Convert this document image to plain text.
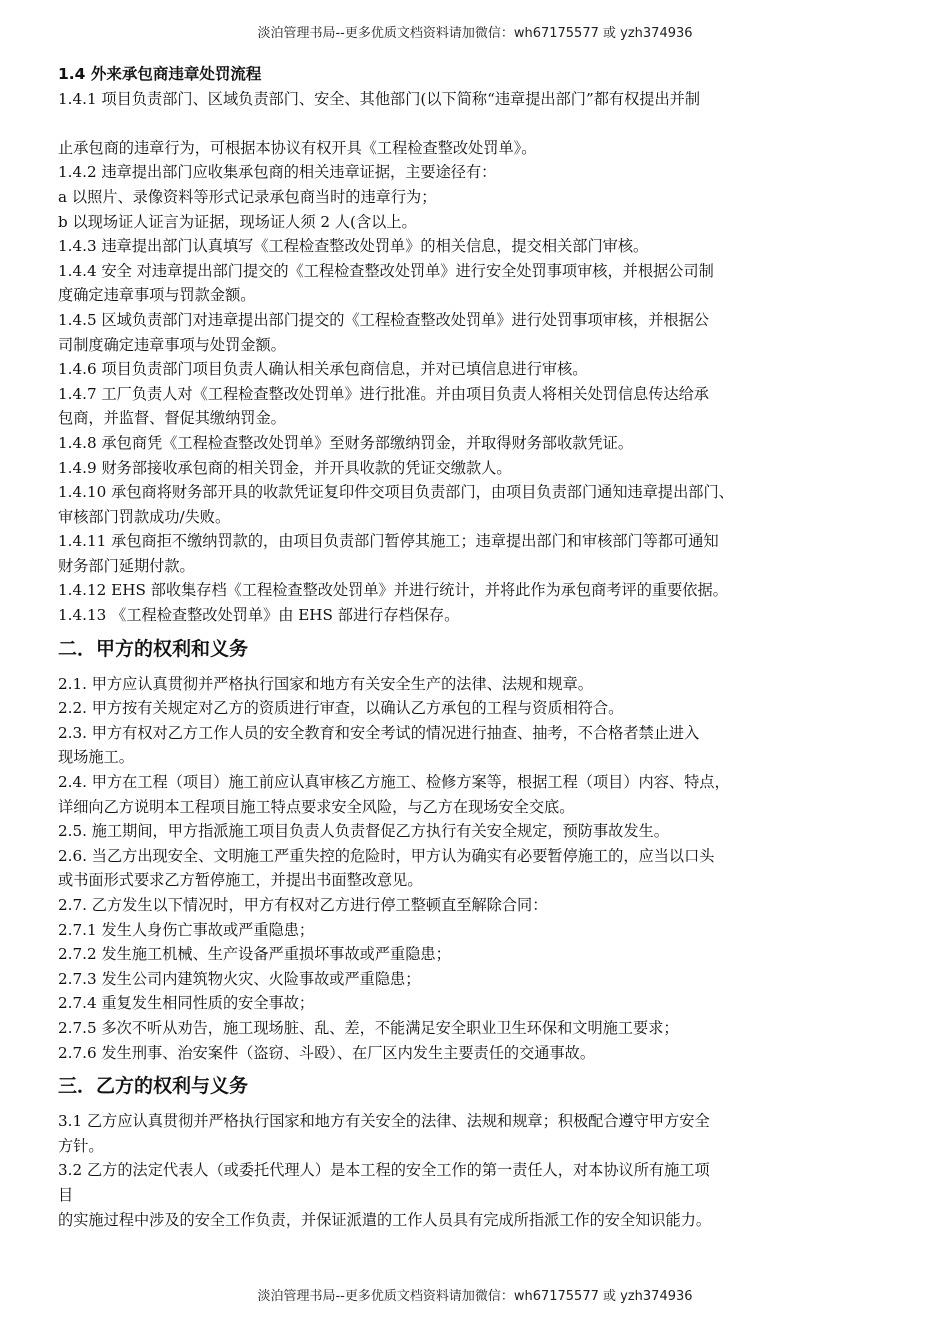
淡泊管理书局--更多优质文档资料请加微信：wh67175577 或 yzh374936
1.4 外来承包商违章处罚流程
1.4.1 项目负责部门、区域负责部门、安全、其他部门(以下简称“违章提出部门”都有权提出并制
止承包商的违章行为，可根据本协议有权开具《工程检查整改处罚单》。
1.4.2 违章提出部门应收集承包商的相关违章证据，主要途径有：
a 以照片、录像资料等形式记录承包商当时的违章行为；
b 以现场证人证言为证据，现场证人须 2 人(含以上。
1.4.3 违章提出部门认真填写《工程检查整改处罚单》的相关信息，提交相关部门审核。
1.4.4 安全 对违章提出部门提交的《工程检查整改处罚单》进行安全处罚事项审核，并根据公司制
度确定违章事项与罚款金额。
1.4.5 区域负责部门对违章提出部门提交的《工程检查整改处罚单》进行处罚事项审核，并根据公
司制度确定违章事项与处罚金额。
1.4.6 项目负责部门项目负责人确认相关承包商信息，并对已填信息进行审核。
1.4.7 工厂负责人对《工程检查整改处罚单》进行批准。并由项目负责人将相关处罚信息传达给承
包商，并监督、督促其缴纳罚金。
1.4.8 承包商凭《工程检查整改处罚单》至财务部缴纳罚金，并取得财务部收款凭证。
1.4.9 财务部接收承包商的相关罚金，并开具收款的凭证交缴款人。
1.4.10 承包商将财务部开具的收款凭证复印件交项目负责部门，由项目负责部门通知违章提出部门、
审核部门罚款成功/失败。
1.4.11 承包商拒不缴纳罚款的，由项目负责部门暂停其施工；违章提出部门和审核部门等都可通知
财务部门延期付款。
1.4.12 EHS 部收集存档《工程检查整改处罚单》并进行统计，并将此作为承包商考评的重要依据。
1.4.13 《工程检查整改处罚单》由 EHS 部进行存档保存。
二．甲方的权利和义务
2.1. 甲方应认真贯彻并严格执行国家和地方有关安全生产的法律、法规和规章。
2.2. 甲方按有关规定对乙方的资质进行审查，以确认乙方承包的工程与资质相符合。
2.3. 甲方有权对乙方工作人员的安全教育和安全考试的情况进行抽查、抽考，不合格者禁止进入
现场施工。
2.4. 甲方在工程（项目）施工前应认真审核乙方施工、检修方案等，根据工程（项目）内容、特点，
详细向乙方说明本工程项目施工特点要求安全风险，与乙方在现场安全交底。
2.5. 施工期间，甲方指派施工项目负责人负责督促乙方执行有关安全规定，预防事故发生。
2.6. 当乙方出现安全、文明施工严重失控的危险时，甲方认为确实有必要暂停施工的，应当以口头
或书面形式要求乙方暂停施工，并提出书面整改意见。
2.7. 乙方发生以下情况时，甲方有权对乙方进行停工整顿直至解除合同：
2.7.1 发生人身伤亡事故或严重隐患；
2.7.2 发生施工机械、生产设备严重损坏事故或严重隐患；
2.7.3 发生公司内建筑物火灾、火险事故或严重隐患；
2.7.4 重复发生相同性质的安全事故；
2.7.5 多次不听从劝告，施工现场脏、乱、差，不能满足安全职业卫生环保和文明施工要求；
2.7.6 发生刑事、治安案件（盗窃、斗殴）、在厂区内发生主要责任的交通事故。
三．乙方的权利与义务
3.1 乙方应认真贯彻并严格执行国家和地方有关安全的法律、法规和规章；积极配合遵守甲方安全
方针。
3.2 乙方的法定代表人（或委托代理人）是本工程的安全工作的第一责任人，对本协议所有施工项
目
的实施过程中涉及的安全工作负责，并保证派遣的工作人员具有完成所指派工作的安全知识能力。
淡泊管理书局--更多优质文档资料请加微信：wh67175577 或 yzh374936
